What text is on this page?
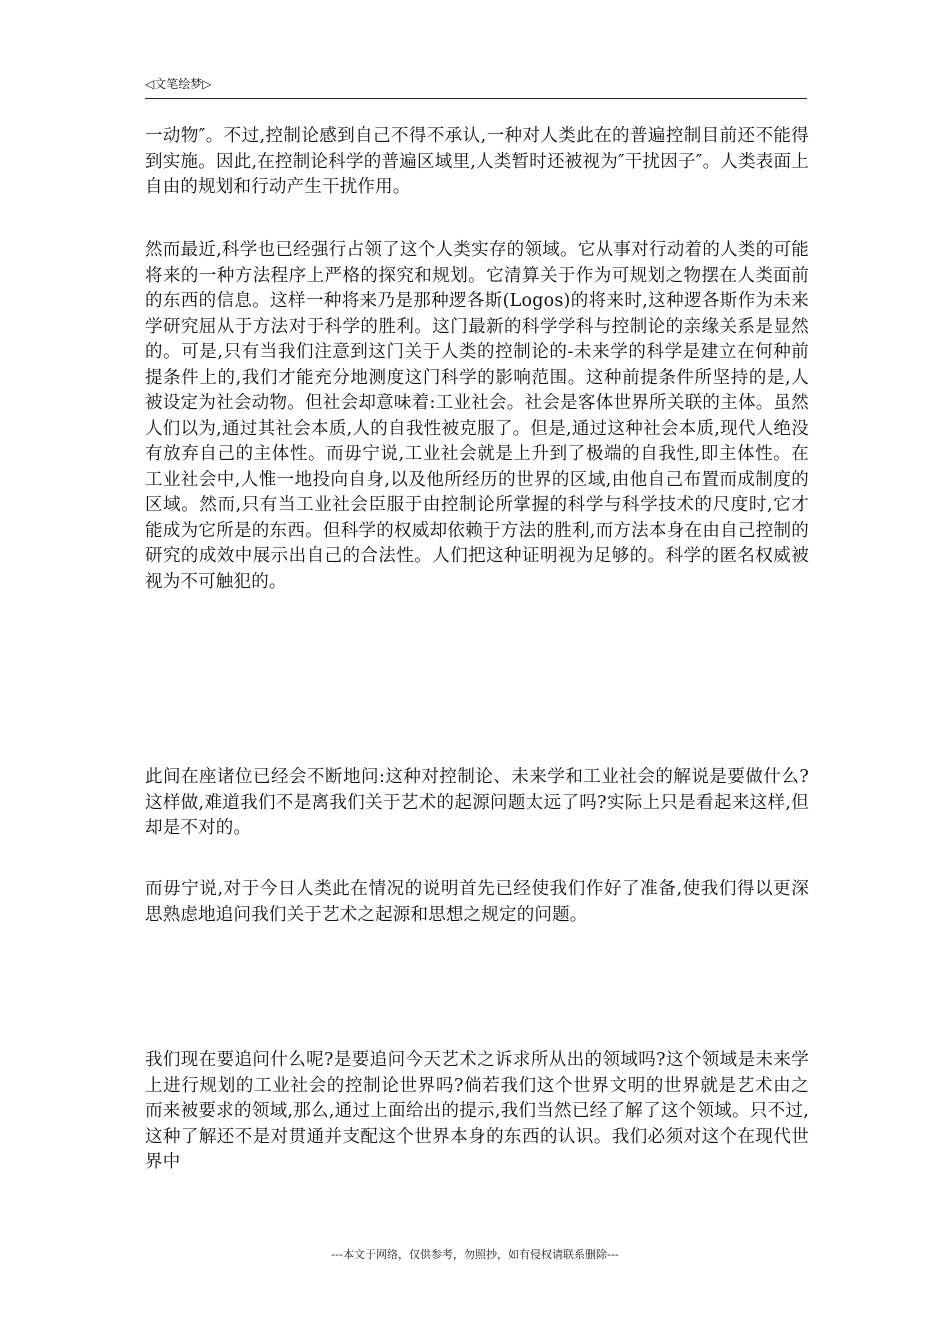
◁文笔绘梦▷

一动物″。不过,控制论感到自己不得不承认,一种对人类此在的普遍控制目前还不能得到实施。因此,在控制论科学的普遍区域里,人类暂时还被视为″干扰因子″。人类表面上自由的规划和行动产生干扰作用。

然而最近,科学也已经强行占领了这个人类实存的领域。它从事对行动着的人类的可能将来的一种方法程序上严格的探究和规划。它清算关于作为可规划之物摆在人类面前的东西的信息。这样一种将来乃是那种逻各斯(Logos)的将来时,这种逻各斯作为未来学研究屈从于方法对于科学的胜利。这门最新的科学学科与控制论的亲缘关系是显然的。可是,只有当我们注意到这门关于人类的控制论的-未来学的科学是建立在何种前提条件上的,我们才能充分地测度这门科学的影响范围。这种前提条件所坚持的是,人被设定为社会动物。但社会却意味着:工业社会。社会是客体世界所关联的主体。虽然人们以为,通过其社会本质,人的自我性被克服了。但是,通过这种社会本质,现代人绝没有放弃自己的主体性。而毋宁说,工业社会就是上升到了极端的自我性,即主体性。在工业社会中,人惟一地投向自身,以及他所经历的世界的区域,由他自己布置而成制度的区域。然而,只有当工业社会臣服于由控制论所掌握的科学与科学技术的尺度时,它才能成为它所是的东西。但科学的权威却依赖于方法的胜利,而方法本身在由自己控制的研究的成效中展示出自己的合法性。人们把这种证明视为足够的。科学的匿名权威被视为不可触犯的。

此间在座诸位已经会不断地问:这种对控制论、未来学和工业社会的解说是要做什么?这样做,难道我们不是离我们关于艺术的起源问题太远了吗?实际上只是看起来这样,但却是不对的。

而毋宁说,对于今日人类此在情况的说明首先已经使我们作好了准备,使我们得以更深思熟虑地追问我们关于艺术之起源和思想之规定的问题。

我们现在要追问什么呢?是要追问今天艺术之诉求所从出的领域吗?这个领域是未来学上进行规划的工业社会的控制论世界吗?倘若我们这个世界文明的世界就是艺术由之而来被要求的领域,那么,通过上面给出的提示,我们当然已经了解了这个领域。只不过,这种了解还不是对贯通并支配这个世界本身的东西的认识。我们必须对这个在现代世界中

---本文于网络，仅供参考，勿照抄，如有侵权请联系删除---
